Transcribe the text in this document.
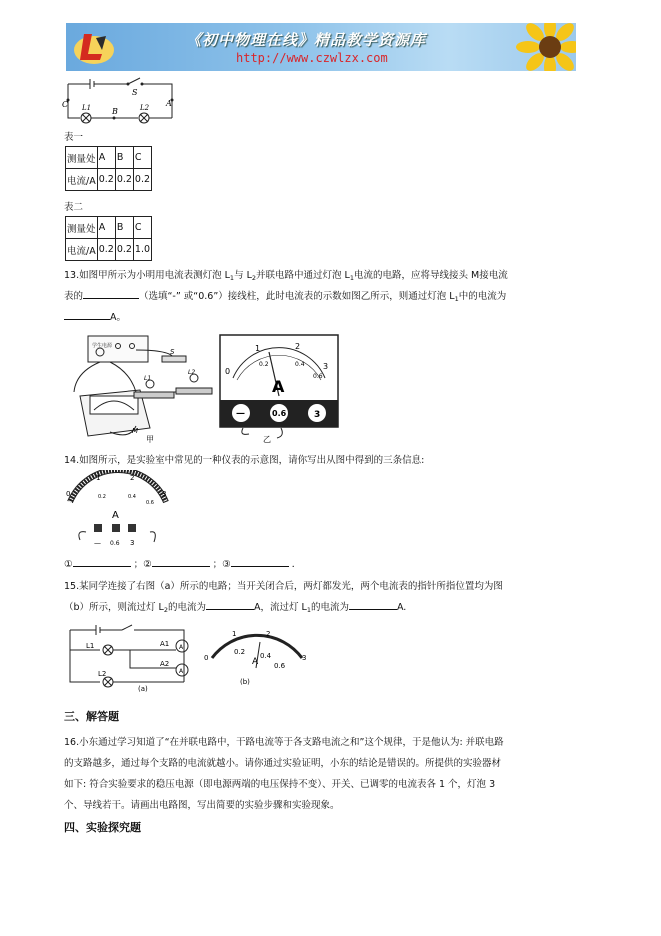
《初中物理在线》精品教学资源库
http://www.czwlzx.com
S
C L1	B	L2 A
表一
测量处	A	B	C
电流/A	0.2	0.2	0.2
表二
测量处	A	B	C
电流/A	0.2	0.2	1.0
13.如图甲所示为小明用电流表测灯泡 $L_1$与 $L_2$并联电路中通过灯泡 $L_1$电流的电路，应将导线接头 M接电流
表的	（选填“-” 或“0.6”）接线柱，此时电流表的示数如图乙所示，则通过灯泡 $L_1$中的电流为
A。
学生电源
S
L1
L2
M
甲
0
1	2
3
0.2	0.4
0.6
A
—	0.6	3
乙
14.如图所示，是实验室中常见的一种仪表的示意图，请你写出从图中得到的三条信息:
0
1	2
3
0.2	0.4
0.6
A
— 0.6 3
①	；②	；③	．
15.某同学连接了右图（a）所示的电路；当开关闭合后，两灯都发光，两个电流表的指针所指位置均为图
（b）所示，则流过灯 $L_2$的电流为	A，流过灯 $L_1$的电流为	A.
A
A
L1	A1
L2
A2
(a)
0
1	2
3
0.2 0.4
0.6
A
(b)
三、解答题
16.小东通过学习知道了“在并联电路中，干路电流等于各支路电流之和”这个规律，于是他认为: 并联电路
的支路越多，通过每个支路的电流就越小。请你通过实验证明，小东的结论是错误的。所提供的实验器材
如下: 符合实验要求的稳压电源（即电源两端的电压保持不变）、开关、已调零的电流表各 1 个，灯泡 3
个、导线若干。请画出电路图，写出简要的实验步骤和实验现象。
四、实验探究题
